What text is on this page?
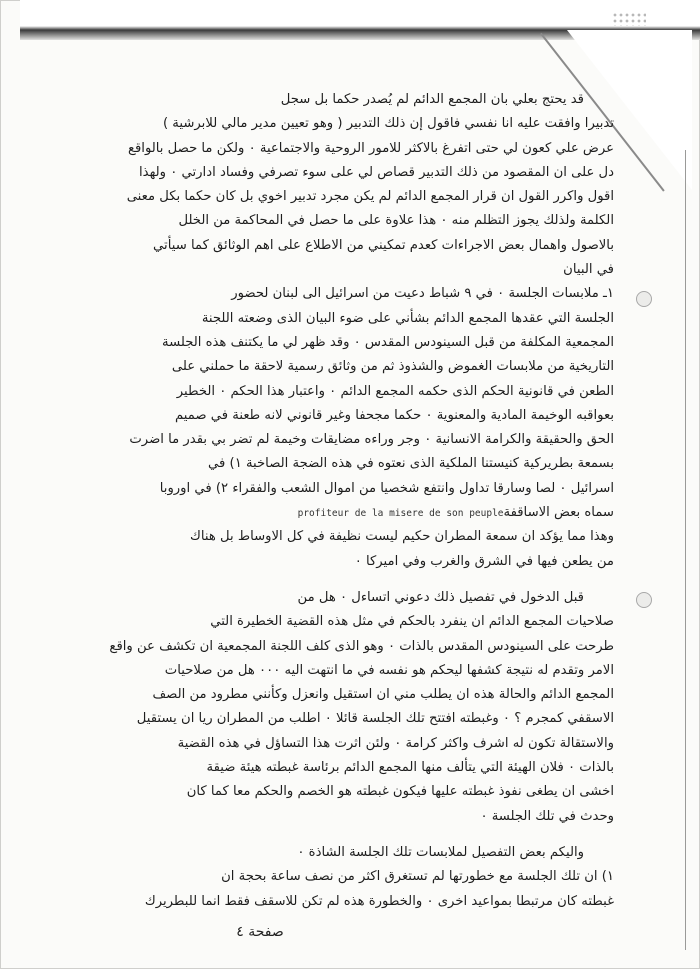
قد يحتج بعلي بان المجمع الدائم لم يُصدر حكما بل سجل
تدبيرا وافقت عليه انا نفسي فاقول إن ذلك التدبير ( وهو تعيين مدير مالي للابرشية )
عرض علي كعون لي حتى اتفرغ بالاكثر للامور الروحية والاجتماعية ٠ ولكن ما حصل بالواقع
دل على ان المقصود من ذلك التدبير قصاص لي على سوء تصرفي وفساد ادارتي ٠ ولهذا
اقول واكرر القول ان قرار المجمع الدائم لم يكن مجرد تدبير اخوي بل كان حكما بكل معنى
الكلمة ولذلك يجوز التظلم منه ٠ هذا علاوة على ما حصل في المحاكمة من الخلل
بالاصول واهمال بعض الاجراءات كعدم تمكيني من الاطلاع على اهم الوثائق كما سيأتي
في البيان
١ـ ملابسات الجلسة ٠ في ٩ شباط دعيت من اسرائيل الى لبنان لحضور
الجلسة التي عقدها المجمع الدائم بشأني على ضوء البيان الذى وضعته اللجنة
المجمعية المكلفة من قبل السينودس المقدس ٠ وقد ظهر لي ما يكتنف هذه الجلسة
التاريخية من ملابسات الغموض والشذوذ ثم من وثائق رسمية لاحقة ما حملني على
الطعن في قانونية الحكم الذى حكمه المجمع الدائم ٠ واعتبار هذا الحكم ٠ الخطير
بعواقبه الوخيمة المادية والمعنوية ٠ حكما مجحفا وغير قانوني لانه طعنة في صميم
الحق والحقيقة والكرامة الانسانية ٠ وجر وراءه مضايقات وخيمة لم تضر بي بقدر ما اضرت
بسمعة بطريركية كنيستنا الملكية الذى نعتوه في هذه الضجة الصاخبة ١) في
اسرائيل ٠ لصا وسارقا تداول وانتفع شخصيا من اموال الشعب والفقراء ٢) في اوروبا
سماه بعض الاساقفةprofiteur de la misere de son peuple
وهذا مما يؤكد ان سمعة المطران حكيم ليست نظيفة في كل الاوساط بل هناك
من يطعن فيها في الشرق والغرب وفي اميركا ٠
قبل الدخول في تفصيل ذلك دعوني اتساءل ٠ هل من
صلاحيات المجمع الدائم ان ينفرد بالحكم في مثل هذه القضية الخطيرة التي
طرحت على السينودس المقدس بالذات ٠ وهو الذى كلف اللجنة المجمعية ان تكشف عن واقع
الامر وتقدم له نتيجة كشفها ليحكم هو نفسه في ما انتهت اليه ٠٠٠ هل من صلاحيات
المجمع الدائم والحالة هذه ان يطلب مني ان استقيل وانعزل وكأنني مطرود من الصف
الاسقفي كمجرم ؟ ٠ وغبطته افتتح تلك الجلسة قائلا ٠ اطلب من المطران ريا ان يستقيل
والاستقالة تكون له اشرف واكثر كرامة ٠ ولئن اثرت هذا التساؤل في هذه القضية
بالذات ٠ فلان الهيئة التي يتألف منها المجمع الدائم برئاسة غبطته هيئة ضيقة
اخشى ان يطغى نفوذ غبطته عليها فيكون غبطته هو الخصم والحكم معا كما كان
وحدث في تلك الجلسة ٠
واليكم بعض التفصيل لملابسات تلك الجلسة الشاذة ٠
١) ان تلك الجلسة مع خطورتها لم تستغرق اكثر من نصف ساعة بحجة ان
غبطته كان مرتبطا بمواعيد اخرى ٠ والخطورة هذه لم تكن للاسقف فقط انما للبطريرك
صفحة ٤
